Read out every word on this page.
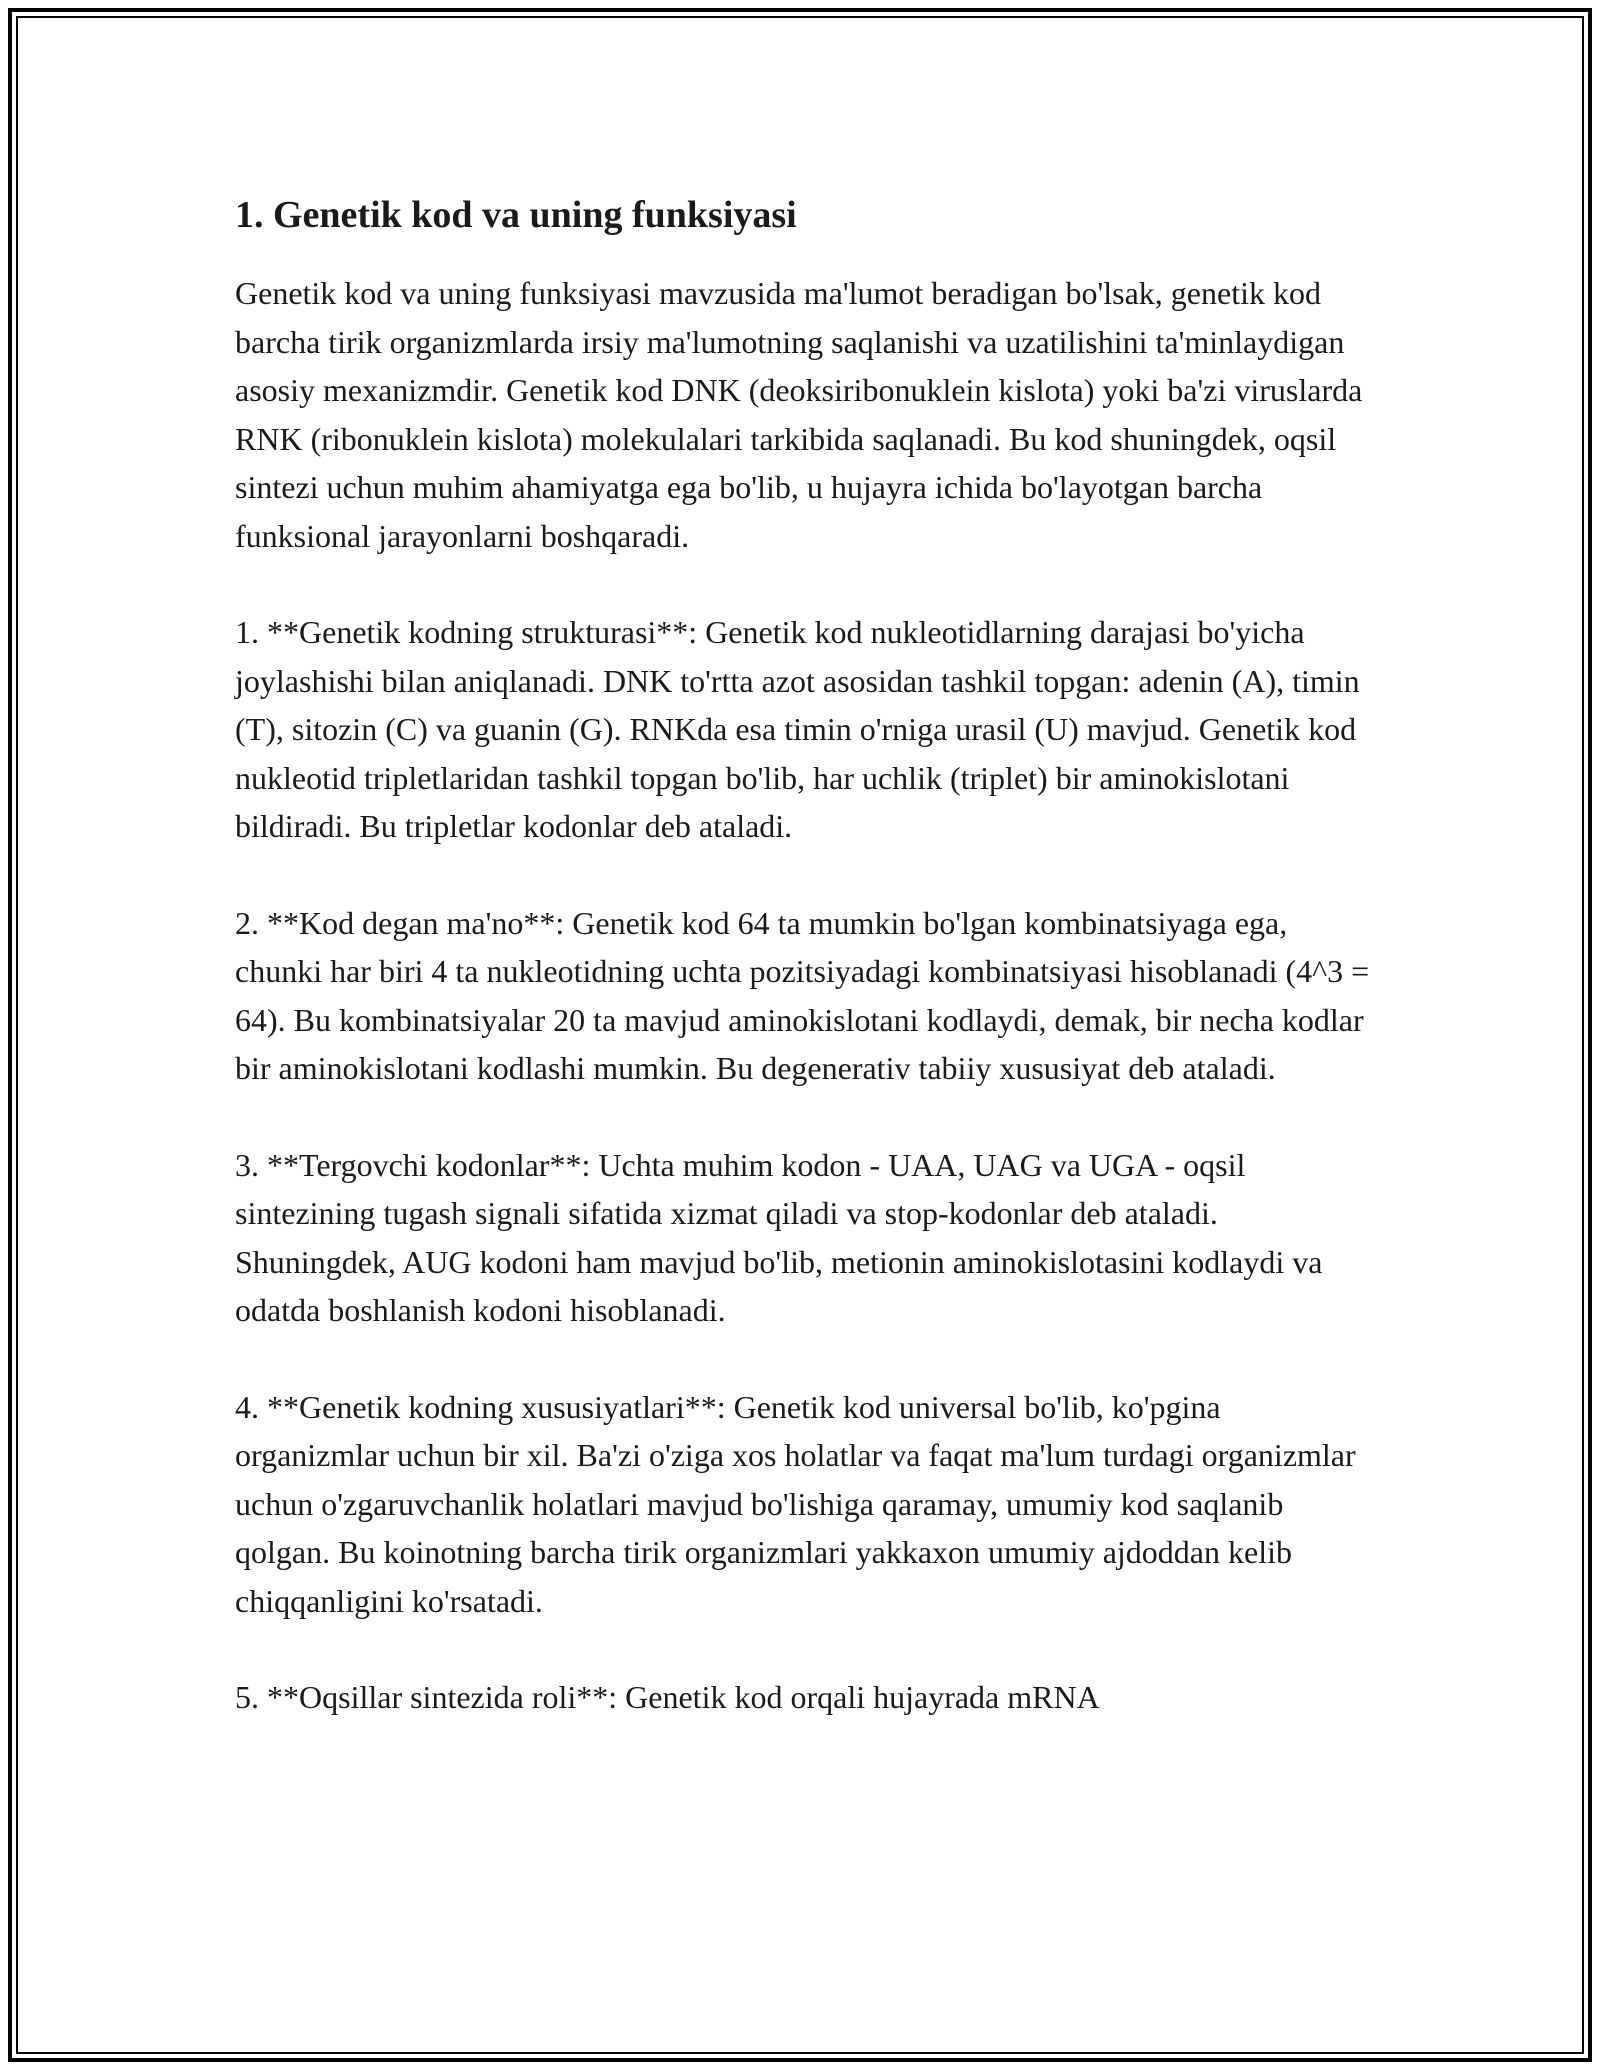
1. Genetik kod va uning funksiyasi

Genetik kod va uning funksiyasi mavzusida ma'lumot beradigan bo'lsak, genetik kod barcha tirik organizmlarda irsiy ma'lumotning saqlanishi va uzatilishini ta'minlaydigan asosiy mexanizmdir. Genetik kod DNK (deoksiribonuklein kislota) yoki ba'zi viruslarda RNK (ribonuklein kislota) molekulalari tarkibida saqlanadi. Bu kod shuningdek, oqsil sintezi uchun muhim ahamiyatga ega bo'lib, u hujayra ichida bo'layotgan barcha funksional jarayonlarni boshqaradi.

1. **Genetik kodning strukturasi**: Genetik kod nukleotidlarning darajasi bo'yicha joylashishi bilan aniqlanadi. DNK to'rtta azot asosidan tashkil topgan: adenin (A), timin (T), sitozin (C) va guanin (G). RNKda esa timin o'rniga urasil (U) mavjud. Genetik kod nukleotid tripletlaridan tashkil topgan bo'lib, har uchlik (triplet) bir aminokislotani bildiradi. Bu tripletlar kodonlar deb ataladi.

2. **Kod degan ma'no**: Genetik kod 64 ta mumkin bo'lgan kombinatsiyaga ega, chunki har biri 4 ta nukleotidning uchta pozitsiyadagi kombinatsiyasi hisoblanadi (4^3 = 64). Bu kombinatsiyalar 20 ta mavjud aminokislotani kodlaydi, demak, bir necha kodlar bir aminokislotani kodlashi mumkin. Bu degenerativ tabiiy xususiyat deb ataladi.

3. **Tergovchi kodonlar**: Uchta muhim kodon - UAA, UAG va UGA - oqsil sintezining tugash signali sifatida xizmat qiladi va stop-kodonlar deb ataladi. Shuningdek, AUG kodoni ham mavjud bo'lib, metionin aminokislotasini kodlaydi va odatda boshlanish kodoni hisoblanadi.

4. **Genetik kodning xususiyatlari**: Genetik kod universal bo'lib, ko'pgina organizmlar uchun bir xil. Ba'zi o'ziga xos holatlar va faqat ma'lum turdagi organizmlar uchun o'zgaruvchanlik holatlari mavjud bo'lishiga qaramay, umumiy kod saqlanib qolgan. Bu koinotning barcha tirik organizmlari yakkaxon umumiy ajdoddan kelib chiqqanligini ko'rsatadi.

5. **Oqsillar sintezida roli**: Genetik kod orqali hujayrada mRNA
